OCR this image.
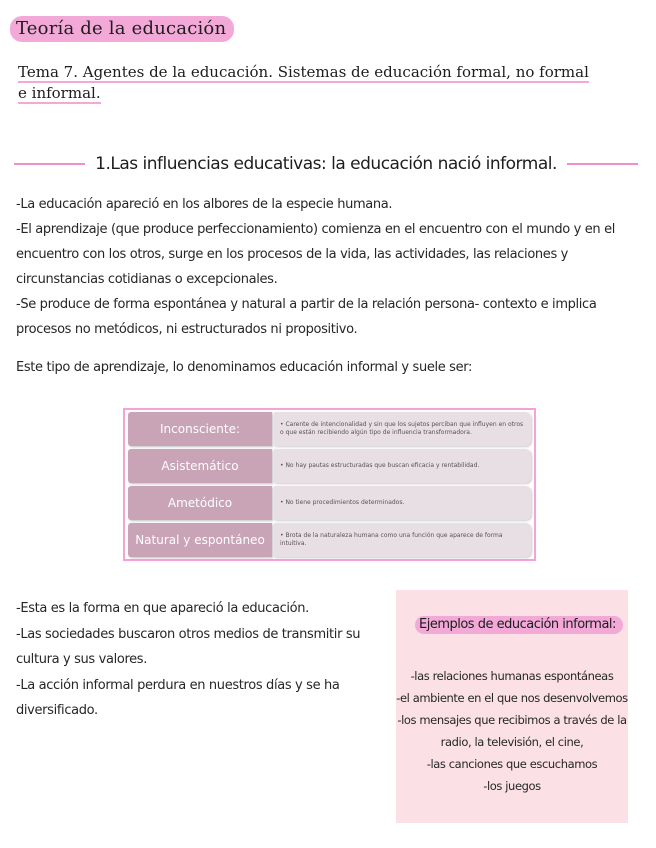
Teoría de la educación
Tema 7. Agentes de la educación. Sistemas de educación formal, no formal
e informal.
1.Las influencias educativas: la educación nació informal.

-La educación apareció en los albores de la especie humana.

-El aprendizaje (que produce perfeccionamiento) comienza en el encuentro con el mundo y en el encuentro con los otros, surge en los procesos de la vida, las actividades, las relaciones y circunstancias cotidianas o excepcionales.

-Se produce de forma espontánea y natural a partir de la relación persona- contexto e implica procesos no metódicos, ni estructurados ni propositivo.

Este tipo de aprendizaje, lo denominamos educación informal y suele ser:

Inconsciente:	• Carente de intencionalidad y sin que los sujetos perciban que influyen en otros o que están recibiendo algún tipo de influencia transformadora.
Asistemático	• No hay pautas estructuradas que buscan eficacia y rentabilidad.
Ametódico	• No tiene procedimientos determinados.
Natural y espontáneo	• Brota de la naturaleza humana como una función que aparece de forma intuitiva.

-Esta es la forma en que apareció la educación.

-Las sociedades buscaron otros medios de transmitir su cultura y sus valores.

-La acción informal perdura en nuestros días y se ha diversificado.

Ejemplos de educación informal:
-las relaciones humanas espontáneas
-el ambiente en el que nos desenvolvemos
-los mensajes que recibimos a través de la
radio, la televisión, el cine,
-las canciones que escuchamos
-los juegos
